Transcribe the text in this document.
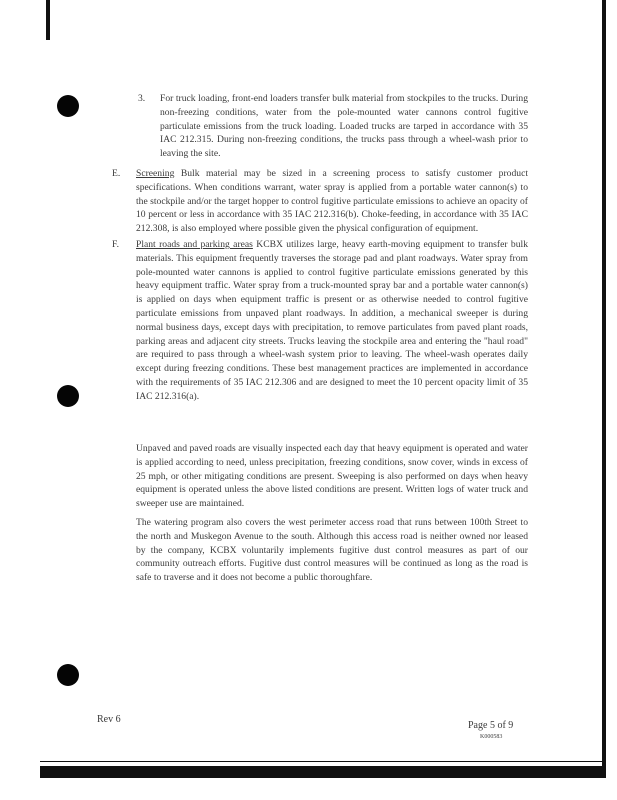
3. For truck loading, front-end loaders transfer bulk material from stockpiles to the trucks. During non-freezing conditions, water from the pole-mounted water cannons control fugitive particulate emissions from the truck loading. Loaded trucks are tarped in accordance with 35 IAC 212.315. During non-freezing conditions, the trucks pass through a wheel-wash prior to leaving the site.
E. Screening Bulk material may be sized in a screening process to satisfy customer product specifications. When conditions warrant, water spray is applied from a portable water cannon(s) to the stockpile and/or the target hopper to control fugitive particulate emissions to achieve an opacity of 10 percent or less in accordance with 35 IAC 212.316(b). Choke-feeding, in accordance with 35 IAC 212.308, is also employed where possible given the physical configuration of equipment.
F. Plant roads and parking areas KCBX utilizes large, heavy earth-moving equipment to transfer bulk materials. This equipment frequently traverses the storage pad and plant roadways. Water spray from pole-mounted water cannons is applied to control fugitive particulate emissions generated by this heavy equipment traffic. Water spray from a truck-mounted spray bar and a portable water cannon(s) is applied on days when equipment traffic is present or as otherwise needed to control fugitive particulate emissions from unpaved plant roadways. In addition, a mechanical sweeper is during normal business days, except days with precipitation, to remove particulates from paved plant roads, parking areas and adjacent city streets. Trucks leaving the stockpile area and entering the "haul road" are required to pass through a wheel-wash system prior to leaving. The wheel-wash operates daily except during freezing conditions. These best management practices are implemented in accordance with the requirements of 35 IAC 212.306 and are designed to meet the 10 percent opacity limit of 35 IAC 212.316(a).
Unpaved and paved roads are visually inspected each day that heavy equipment is operated and water is applied according to need, unless precipitation, freezing conditions, snow cover, winds in excess of 25 mph, or other mitigating conditions are present. Sweeping is also performed on days when heavy equipment is operated unless the above listed conditions are present. Written logs of water truck and sweeper use are maintained.
The watering program also covers the west perimeter access road that runs between 100th Street to the north and Muskegon Avenue to the south. Although this access road is neither owned nor leased by the company, KCBX voluntarily implements fugitive dust control measures as part of our community outreach efforts. Fugitive dust control measures will be continued as long as the road is safe to traverse and it does not become a public thoroughfare.
Rev 6
Page 5 of 9
K000583
